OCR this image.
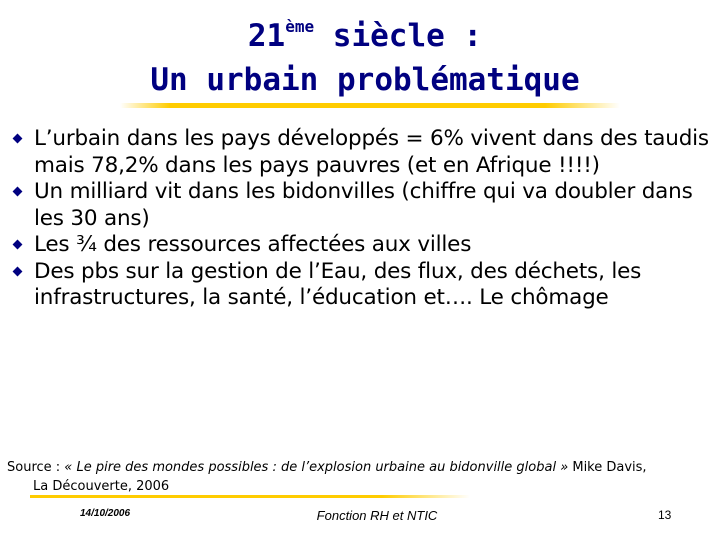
21ème siècle :
Un urbain problématique
L’urbain dans les pays développés = 6% vivent dans des taudis mais 78,2% dans les pays pauvres (et en Afrique !!!!)
Un milliard vit dans les bidonvilles (chiffre qui va doubler dans les 30 ans)
Les ¾ des ressources affectées aux villes
Des pbs sur la gestion de l’Eau, des flux, des déchets, les infrastructures, la santé, l’éducation et…. Le chômage
Source : « Le pire des mondes possibles : de l’explosion urbaine au bidonville global » Mike Davis,
La Découverte, 2006
14/10/2006	Fonction RH et NTIC	13
